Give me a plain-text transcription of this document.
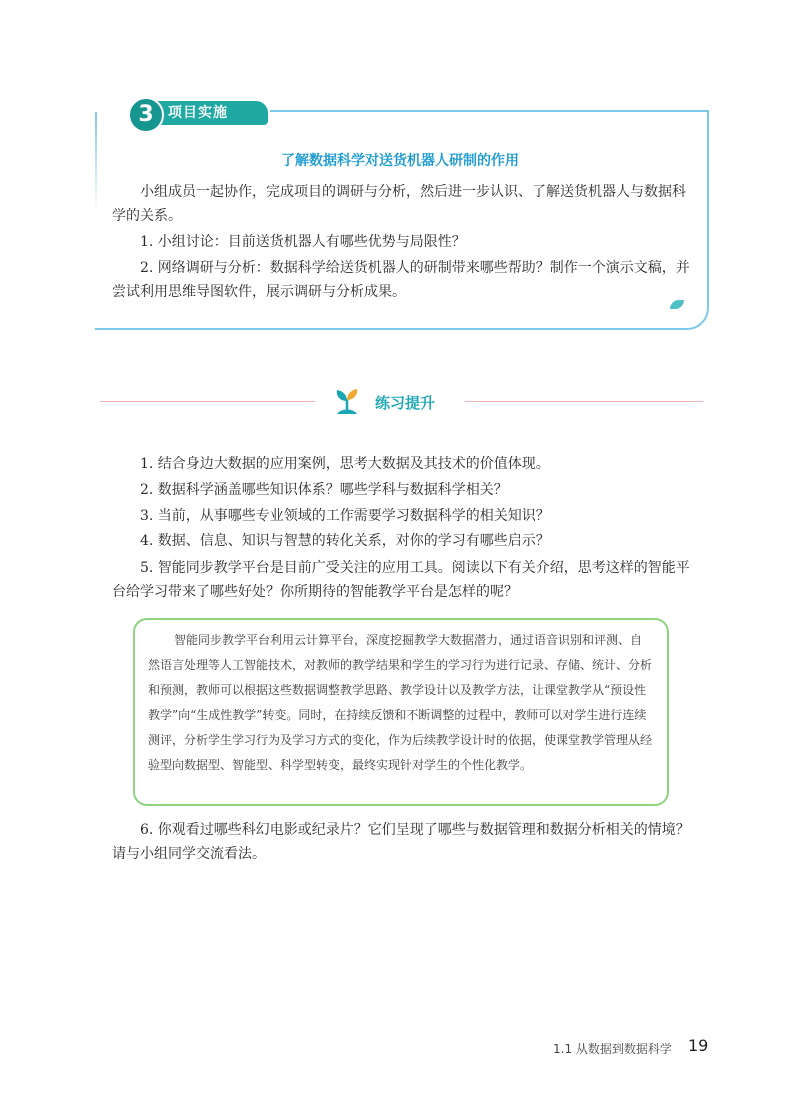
3	项目实施
了解数据科学对送货机器人研制的作用

小组成员一起协作，完成项目的调研与分析，然后进一步认识、了解送货机器人与数据科学的关系。

1. 小组讨论：目前送货机器人有哪些优势与局限性？

2. 网络调研与分析：数据科学给送货机器人的研制带来哪些帮助？制作一个演示文稿，并尝试利用思维导图软件，展示调研与分析成果。

练习提升

1. 结合身边大数据的应用案例，思考大数据及其技术的价值体现。

2. 数据科学涵盖哪些知识体系？哪些学科与数据科学相关？

3. 当前，从事哪些专业领域的工作需要学习数据科学的相关知识？

4. 数据、信息、知识与智慧的转化关系，对你的学习有哪些启示？

5. 智能同步教学平台是目前广受关注的应用工具。阅读以下有关介绍，思考这样的智能平台给学习带来了哪些好处？你所期待的智能教学平台是怎样的呢？

智能同步教学平台利用云计算平台，深度挖掘教学大数据潜力，通过语音识别和评测、自然语言处理等人工智能技术，对教师的教学结果和学生的学习行为进行记录、存储、统计、分析和预测，教师可以根据这些数据调整教学思路、教学设计以及教学方法，让课堂教学从“预设性教学”向“生成性教学”转变。同时，在持续反馈和不断调整的过程中，教师可以对学生进行连续测评，分析学生学习行为及学习方式的变化，作为后续教学设计时的依据，使课堂教学管理从经验型向数据型、智能型、科学型转变，最终实现针对学生的个性化教学。

6. 你观看过哪些科幻电影或纪录片？它们呈现了哪些与数据管理和数据分析相关的情境？请与小组同学交流看法。

1.1 从数据到数据科学 19
